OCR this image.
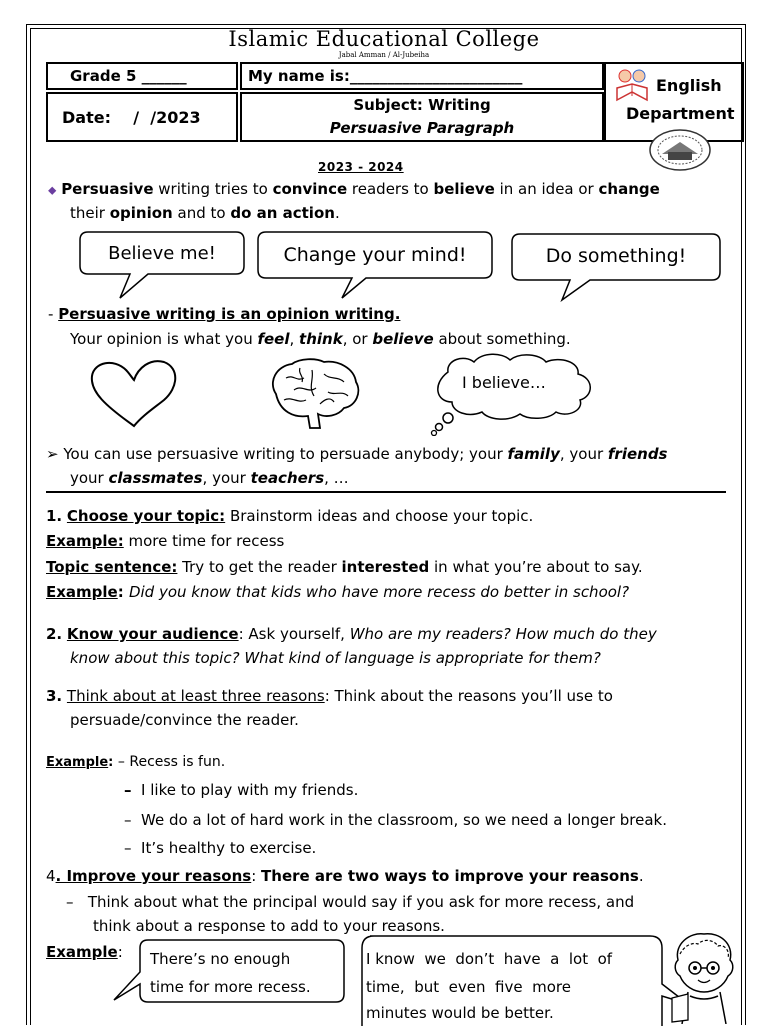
Islamic Educational College
Jabal Amman / Al-Jubeiha
Grade 5 ______	My name is:_______________________
Date:    /  /2023
Subject: Writing
Persuasive Paragraph
English
Department
2023 - 2024
⬥ Persuasive writing tries to convince readers to believe in an idea or change
their opinion and to do an action.
Believe me!	Change your mind!	Do something!
- Persuasive writing is an opinion writing.
Your opinion is what you feel, think, or believe about something.
I believe…
➢ You can use persuasive writing to persuade anybody; your family, your friends
your classmates, your teachers, …
1. Choose your topic: Brainstorm ideas and choose your topic.
Example: more time for recess
Topic sentence: Try to get the reader interested in what you’re about to say.
Example: Did you know that kids who have more recess do better in school?
2. Know your audience: Ask yourself, Who are my readers? How much do they
know about this topic? What kind of language is appropriate for them?
3. Think about at least three reasons: Think about the reasons you’ll use to
persuade/convince the reader.
Example: – Recess is fun.
– I like to play with my friends.
– We do a lot of hard work in the classroom, so we need a longer break.
– It’s healthy to exercise.
4. Improve your reasons: There are two ways to improve your reasons.
– Think about what the principal would say if you ask for more recess, and
think about a response to add to your reasons.
Example: There’s no enough
time for more recess.
I know  we  don’t  have  a  lot  of
time,  but  even  five  more
minutes would be better.
